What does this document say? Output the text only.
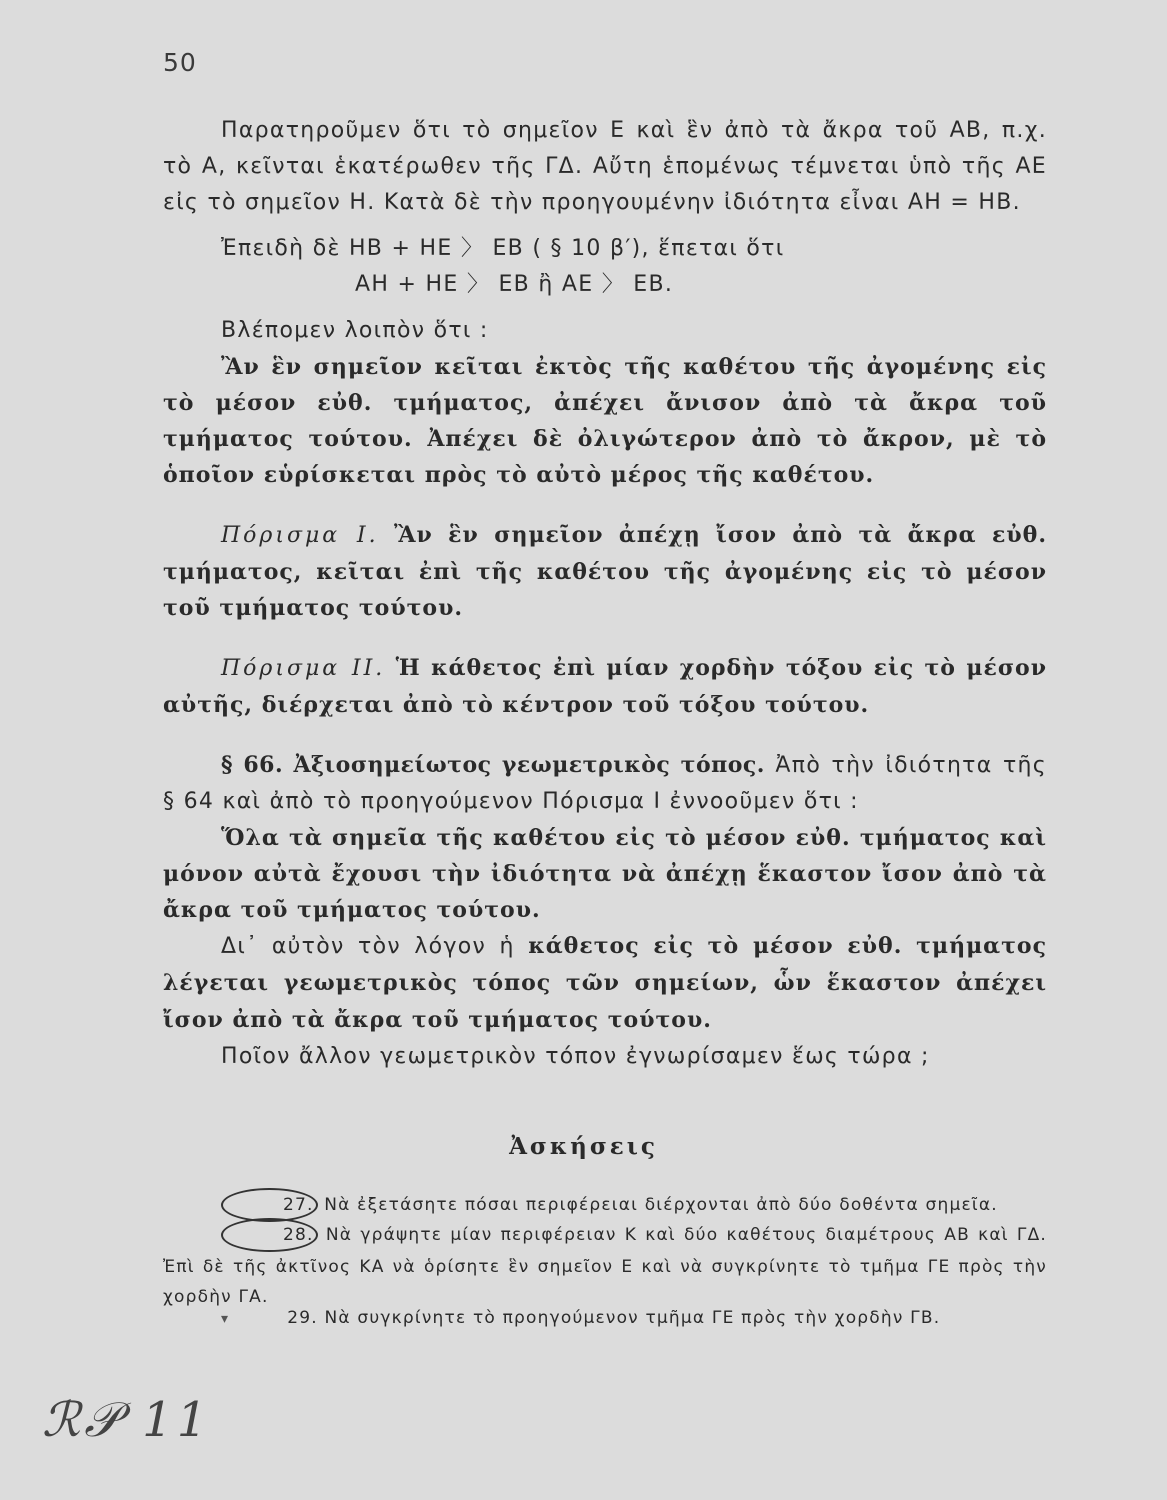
50

Παρατηροῦμεν ὅτι τὸ σημεῖον Ε καὶ ἓν ἀπὸ τὰ ἄκρα τοῦ ΑΒ, π.χ. τὸ Α, κεῖνται ἑκατέρωθεν τῆς ΓΔ. Αὔτη ἑπομένως τέμνεται ὑπὸ τῆς ΑΕ εἰς τὸ σημεῖον Η. Κατὰ δὲ τὴν προηγουμένην ἰδιότητα εἶναι ΑΗ = ΗΒ.

Ἐπειδὴ δὲ ΗΒ + ΗΕ 〉 ΕΒ ( § 10 β′), ἕπεται ὅτι

ΑΗ + ΗΕ 〉 ΕΒ ἢ ΑΕ 〉 ΕΒ.

Βλέπομεν λοιπὸν ὅτι :

Ἂν ἓν σημεῖον κεῖται ἐκτὸς τῆς καθέτου τῆς ἀγομένης εἰς τὸ μέσον εὐθ. τμήματος, ἀπέχει ἄνισον ἀπὸ τὰ ἄκρα τοῦ τμήματος τούτου. Ἀπέχει δὲ ὀλιγώτερον ἀπὸ τὸ ἄκρον, μὲ τὸ ὁποῖον εὑρίσκεται πρὸς τὸ αὐτὸ μέρος τῆς καθέτου.

Πόρισμα Ι. Ἂν ἓν σημεῖον ἀπέχῃ ἴσον ἀπὸ τὰ ἄκρα εὐθ. τμήματος, κεῖται ἐπὶ τῆς καθέτου τῆς ἀγομένης εἰς τὸ μέσον τοῦ τμήματος τούτου.

Πόρισμα ΙΙ. Ἡ κάθετος ἐπὶ μίαν χορδὴν τόξου εἰς τὸ μέσον αὐτῆς, διέρχεται ἀπὸ τὸ κέντρον τοῦ τόξου τούτου.

§ 66. Ἀξιοσημείωτος γεωμετρικὸς τόπος. Ἀπὸ τὴν ἰδιότητα τῆς § 64 καὶ ἀπὸ τὸ προηγούμενον Πόρισμα Ι ἐννοοῦμεν ὅτι :

Ὅλα τὰ σημεῖα τῆς καθέτου εἰς τὸ μέσον εὐθ. τμήματος καὶ μόνον αὐτὰ ἔχουσι τὴν ἰδιότητα νὰ ἀπέχῃ ἕκαστον ἴσον ἀπὸ τὰ ἄκρα τοῦ τμήματος τούτου.

Δι᾽ αὐτὸν τὸν λόγον ἡ κάθετος εἰς τὸ μέσον εὐθ. τμήματος λέγεται γεωμετρικὸς τόπος τῶν σημείων, ὧν ἕκαστον ἀπέχει ἴσον ἀπὸ τὰ ἄκρα τοῦ τμήματος τούτου.

Ποῖον ἄλλον γεωμετρικὸν τόπον ἐγνωρίσαμεν ἕως τώρα ;

Ἀσκήσεις

27. Νὰ ἐξετάσητε πόσαι περιφέρειαι διέρχονται ἀπὸ δύο δοθέντα σημεῖα.

28. Νὰ γράψητε μίαν περιφέρειαν Κ καὶ δύο καθέτους διαμέτρους ΑΒ καὶ ΓΔ. Ἐπὶ δὲ τῆς ἀκτῖνος ΚΑ νὰ ὁρίσητε ἓν σημεῖον Ε καὶ νὰ συγκρίνητε τὸ τμῆμα ΓΕ πρὸς τὴν χορδὴν ΓΑ.

▾	29. Νὰ συγκρίνητε τὸ προηγούμενον τμῆμα ΓΕ πρὸς τὴν χορδὴν ΓΒ.

ℛ𝒫 11
